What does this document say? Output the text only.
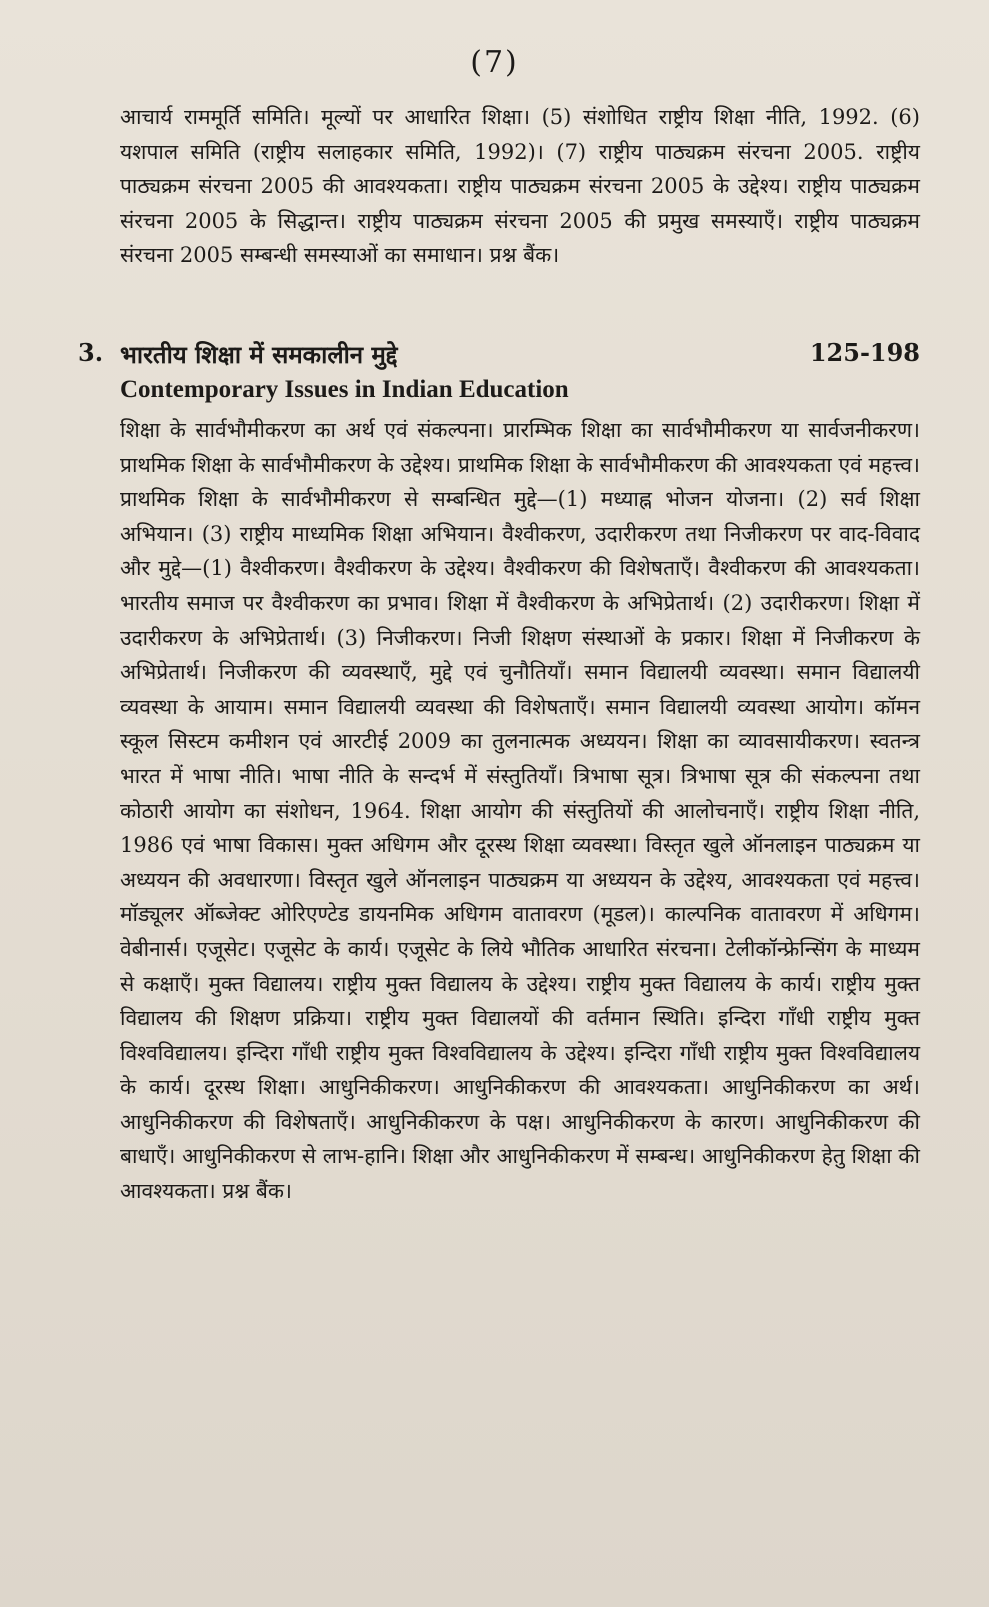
(7)
आचार्य राममूर्ति समिति। मूल्यों पर आधारित शिक्षा। (5) संशोधित राष्ट्रीय शिक्षा नीति, 1992. (6) यशपाल समिति (राष्ट्रीय सलाहकार समिति, 1992)। (7) राष्ट्रीय पाठ्यक्रम संरचना 2005. राष्ट्रीय पाठ्यक्रम संरचना 2005 की आवश्यकता। राष्ट्रीय पाठ्यक्रम संरचना 2005 के उद्देश्य। राष्ट्रीय पाठ्यक्रम संरचना 2005 के सिद्धान्त। राष्ट्रीय पाठ्यक्रम संरचना 2005 की प्रमुख समस्याएँ। राष्ट्रीय पाठ्यक्रम संरचना 2005 सम्बन्धी समस्याओं का समाधान। प्रश्न बैंक।
3. भारतीय शिक्षा में समकालीन मुद्दे	125-198
Contemporary Issues in Indian Education
शिक्षा के सार्वभौमीकरण का अर्थ एवं संकल्पना। प्रारम्भिक शिक्षा का सार्वभौमीकरण या सार्वजनीकरण। प्राथमिक शिक्षा के सार्वभौमीकरण के उद्देश्य। प्राथमिक शिक्षा के सार्वभौमीकरण की आवश्यकता एवं महत्त्व। प्राथमिक शिक्षा के सार्वभौमीकरण से सम्बन्धित मुद्दे—(1) मध्याह्न भोजन योजना। (2) सर्व शिक्षा अभियान। (3) राष्ट्रीय माध्यमिक शिक्षा अभियान। वैश्वीकरण, उदारीकरण तथा निजीकरण पर वाद-विवाद और मुद्दे—(1) वैश्वीकरण। वैश्वीकरण के उद्देश्य। वैश्वीकरण की विशेषताएँ। वैश्वीकरण की आवश्यकता। भारतीय समाज पर वैश्वीकरण का प्रभाव। शिक्षा में वैश्वीकरण के अभिप्रेतार्थ। (2) उदारीकरण। शिक्षा में उदारीकरण के अभिप्रेतार्थ। (3) निजीकरण। निजी शिक्षण संस्थाओं के प्रकार। शिक्षा में निजीकरण के अभिप्रेतार्थ। निजीकरण की व्यवस्थाएँ, मुद्दे एवं चुनौतियाँ। समान विद्यालयी व्यवस्था। समान विद्यालयी व्यवस्था के आयाम। समान विद्यालयी व्यवस्था की विशेषताएँ। समान विद्यालयी व्यवस्था आयोग। कॉमन स्कूल सिस्टम कमीशन एवं आरटीई 2009 का तुलनात्मक अध्ययन। शिक्षा का व्यावसायीकरण। स्वतन्त्र भारत में भाषा नीति। भाषा नीति के सन्दर्भ में संस्तुतियाँ। त्रिभाषा सूत्र। त्रिभाषा सूत्र की संकल्पना तथा कोठारी आयोग का संशोधन, 1964. शिक्षा आयोग की संस्तुतियों की आलोचनाएँ। राष्ट्रीय शिक्षा नीति, 1986 एवं भाषा विकास। मुक्त अधिगम और दूरस्थ शिक्षा व्यवस्था। विस्तृत खुले ऑनलाइन पाठ्यक्रम या अध्ययन की अवधारणा। विस्तृत खुले ऑनलाइन पाठ्यक्रम या अध्ययन के उद्देश्य, आवश्यकता एवं महत्त्व। मॉड्यूलर ऑब्जेक्ट ओरिएण्टेड डायनमिक अधिगम वातावरण (मूडल)। काल्पनिक वातावरण में अधिगम। वेबीनार्स। एजूसेट। एजूसेट के कार्य। एजूसेट के लिये भौतिक आधारित संरचना। टेलीकॉन्फ्रेन्सिंग के माध्यम से कक्षाएँ। मुक्त विद्यालय। राष्ट्रीय मुक्त विद्यालय के उद्देश्य। राष्ट्रीय मुक्त विद्यालय के कार्य। राष्ट्रीय मुक्त विद्यालय की शिक्षण प्रक्रिया। राष्ट्रीय मुक्त विद्यालयों की वर्तमान स्थिति। इन्दिरा गाँधी राष्ट्रीय मुक्त विश्वविद्यालय। इन्दिरा गाँधी राष्ट्रीय मुक्त विश्वविद्यालय के उद्देश्य। इन्दिरा गाँधी राष्ट्रीय मुक्त विश्वविद्यालय के कार्य। दूरस्थ शिक्षा। आधुनिकीकरण। आधुनिकीकरण की आवश्यकता। आधुनिकीकरण का अर्थ। आधुनिकीकरण की विशेषताएँ। आधुनिकीकरण के पक्ष। आधुनिकीकरण के कारण। आधुनिकीकरण की बाधाएँ। आधुनिकीकरण से लाभ-हानि। शिक्षा और आधुनिकीकरण में सम्बन्ध। आधुनिकीकरण हेतु शिक्षा की आवश्यकता। प्रश्न बैंक।
